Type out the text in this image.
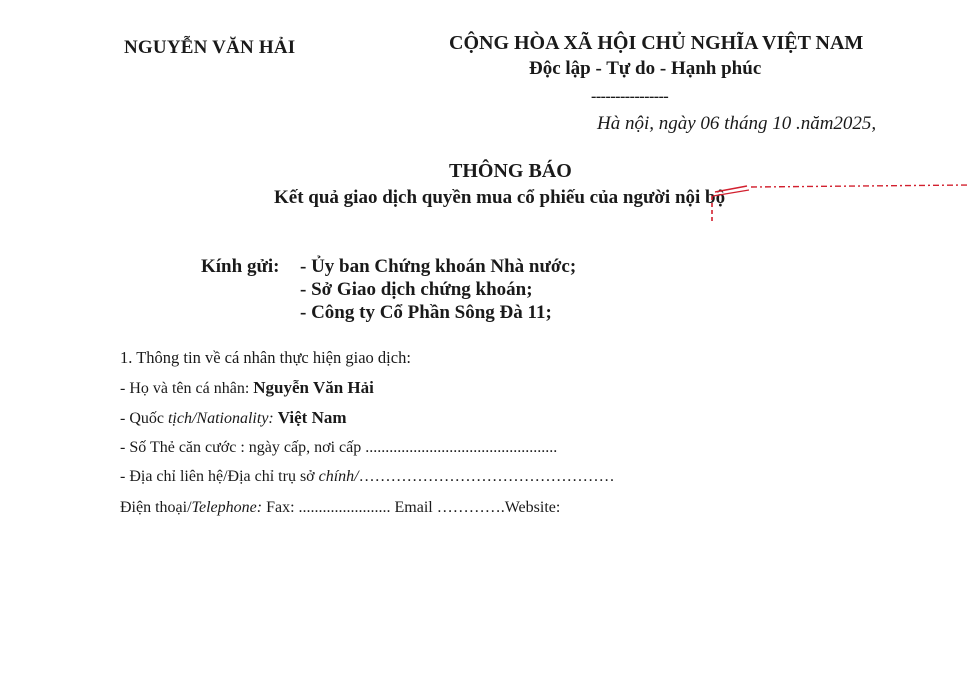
NGUYỄN VĂN HẢI	CỘNG HÒA XÃ HỘI CHỦ NGHĨA VIỆT NAM
Độc lập - Tự do - Hạnh phúc
----------------
Hà nội, ngày 06 tháng 10 .năm2025,
THÔNG BÁO
Kết quả giao dịch quyền mua cổ phiếu của người nội bộ
Kính gửi: - Ủy ban Chứng khoán Nhà nước;
- Sở Giao dịch chứng khoán;
- Công ty Cổ Phần Sông Đà 11;
1. Thông tin về cá nhân thực hiện giao dịch:
- Họ và tên cá nhân: Nguyễn Văn Hải
- Quốc tịch/Nationality: Việt Nam
- Số Thẻ căn cước : ngày cấp, nơi cấp ................................................
- Địa chỉ liên hệ/Địa chỉ trụ sở chính/…………………………………………
Điện thoại/Telephone: Fax: ....................... Email ………….Website:
